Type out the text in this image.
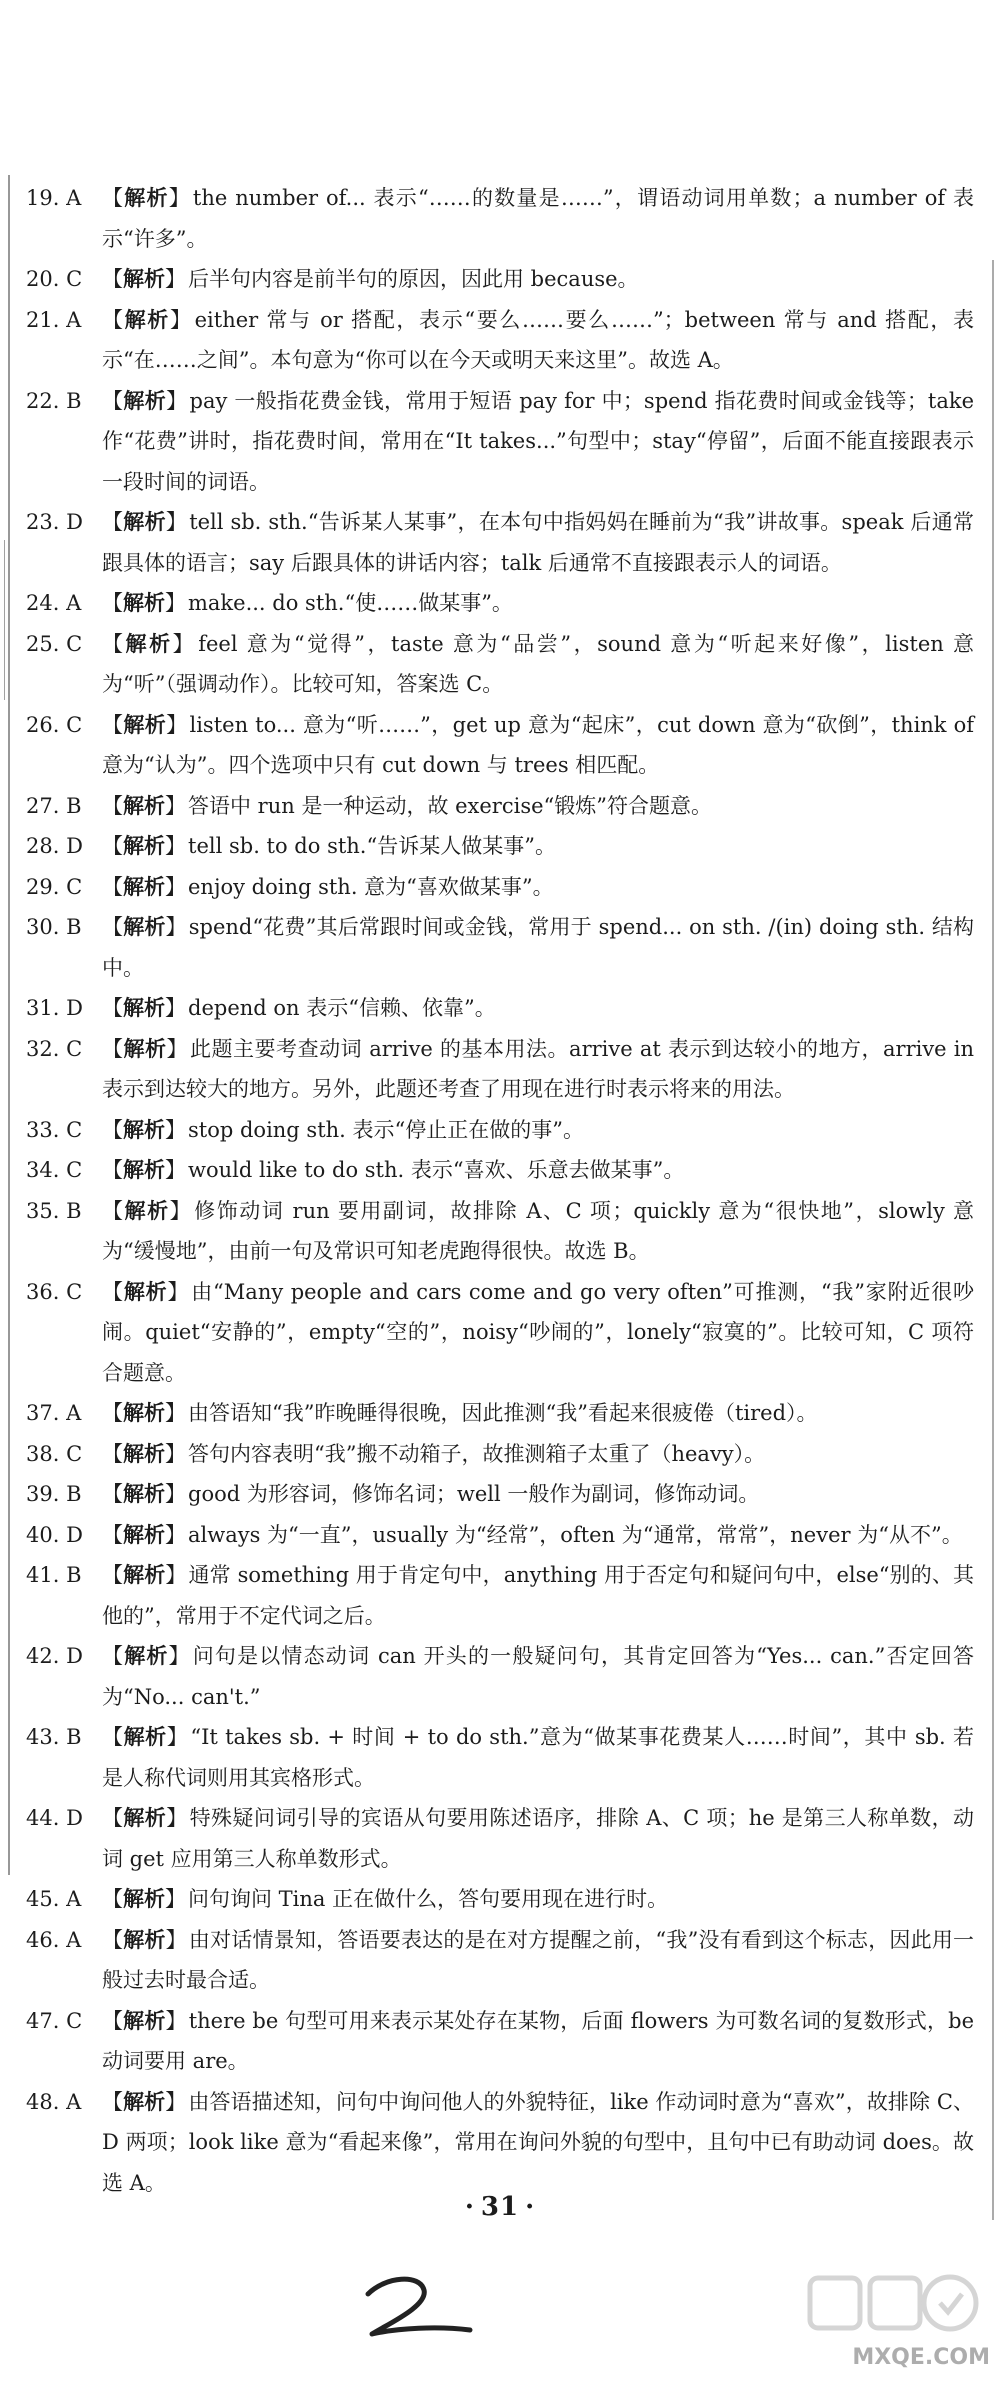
19. A	【 解析 】 the number of... 表示“……的数量是……”，谓语动词用单数；a number of 表示“许多”。
20. C	【 解析 】 后半句内容是前半句的原因，因此用 because。
21. A	【 解析 】 either 常与 or 搭配，表示“要么……要么……”；between 常与 and 搭配，表示“在……之间”。本句意为“你可以在今天或明天来这里”。故选 A。
22. B	【 解析 】 pay 一般指花费金钱，常用于短语 pay for 中；spend 指花费时间或金钱等；take 作“花费”讲时，指花费时间，常用在“It takes...”句型中；stay“停留”，后面不能直接跟表示一段时间的词语。
23. D	【 解析 】 tell sb. sth.“告诉某人某事”，在本句中指妈妈在睡前为“我”讲故事。speak 后通常跟具体的语言；say 后跟具体的讲话内容；talk 后通常不直接跟表示人的词语。
24. A	【 解析 】 make... do sth.“使……做某事”。
25. C	【 解析 】 feel 意为“觉得”，taste 意为“品尝”，sound 意为“听起来好像”，listen 意为“听”（强调动作）。比较可知，答案选 C。
26. C	【 解析 】 listen to... 意为“听……”，get up 意为“起床”，cut down 意为“砍倒”，think of 意为“认为”。四个选项中只有 cut down 与 trees 相匹配。
27. B	【 解析 】 答语中 run 是一种运动，故 exercise“锻炼”符合题意。
28. D	【 解析 】 tell sb. to do sth.“告诉某人做某事”。
29. C	【 解析 】 enjoy doing sth. 意为“喜欢做某事”。
30. B	【 解析 】 spend“花费”其后常跟时间或金钱，常用于 spend... on sth. /(in) doing sth. 结构中。
31. D	【 解析 】 depend on 表示“信赖、依靠”。
32. C	【 解析 】 此题主要考查动词 arrive 的基本用法。arrive at 表示到达较小的地方，arrive in 表示到达较大的地方。另外，此题还考查了用现在进行时表示将来的用法。
33. C	【 解析 】 stop doing sth. 表示“停止正在做的事”。
34. C	【 解析 】 would like to do sth. 表示“喜欢、乐意去做某事”。
35. B	【 解析 】 修饰动词 run 要用副词，故排除 A、C 项；quickly 意为“很快地”，slowly 意为“缓慢地”，由前一句及常识可知老虎跑得很快。故选 B。
36. C	【 解析 】 由“Many people and cars come and go very often”可推测，“我”家附近很吵闹。quiet“安静的”，empty“空的”，noisy“吵闹的”，lonely“寂寞的”。比较可知，C 项符合题意。
37. A	【 解析 】 由答语知“我”昨晚睡得很晚，因此推测“我”看起来很疲倦（tired）。
38. C	【 解析 】 答句内容表明“我”搬不动箱子，故推测箱子太重了（heavy）。
39. B	【 解析 】 good 为形容词，修饰名词；well 一般作为副词，修饰动词。
40. D	【 解析 】 always 为“一直”，usually 为“经常”，often 为“通常，常常”，never 为“从不”。
41. B	【 解析 】 通常 something 用于肯定句中，anything 用于否定句和疑问句中，else“别的、其他的”，常用于不定代词之后。
42. D	【 解析 】 问句是以情态动词 can 开头的一般疑问句，其肯定回答为“Yes... can.”否定回答为“No... can't.”
43. B	【 解析 】 “It takes sb. + 时间 + to do sth.”意为“做某事花费某人……时间”，其中 sb. 若是人称代词则用其宾格形式。
44. D	【 解析 】 特殊疑问词引导的宾语从句要用陈述语序，排除 A、C 项；he 是第三人称单数，动词 get 应用第三人称单数形式。
45. A	【 解析 】 问句询问 Tina 正在做什么，答句要用现在进行时。
46. A	【 解析 】 由对话情景知，答语要表达的是在对方提醒之前，“我”没有看到这个标志，因此用一般过去时最合适。
47. C	【 解析 】 there be 句型可用来表示某处存在某物，后面 flowers 为可数名词的复数形式，be 动词要用 are。
48. A	【 解析 】 由答语描述知，问句中询问他人的外貌特征，like 作动词时意为“喜欢”，故排除 C、D 两项；look like 意为“看起来像”，常用在询问外貌的句型中，且句中已有助动词 does。故选 A。
· 31 ·
MXQE.COM
